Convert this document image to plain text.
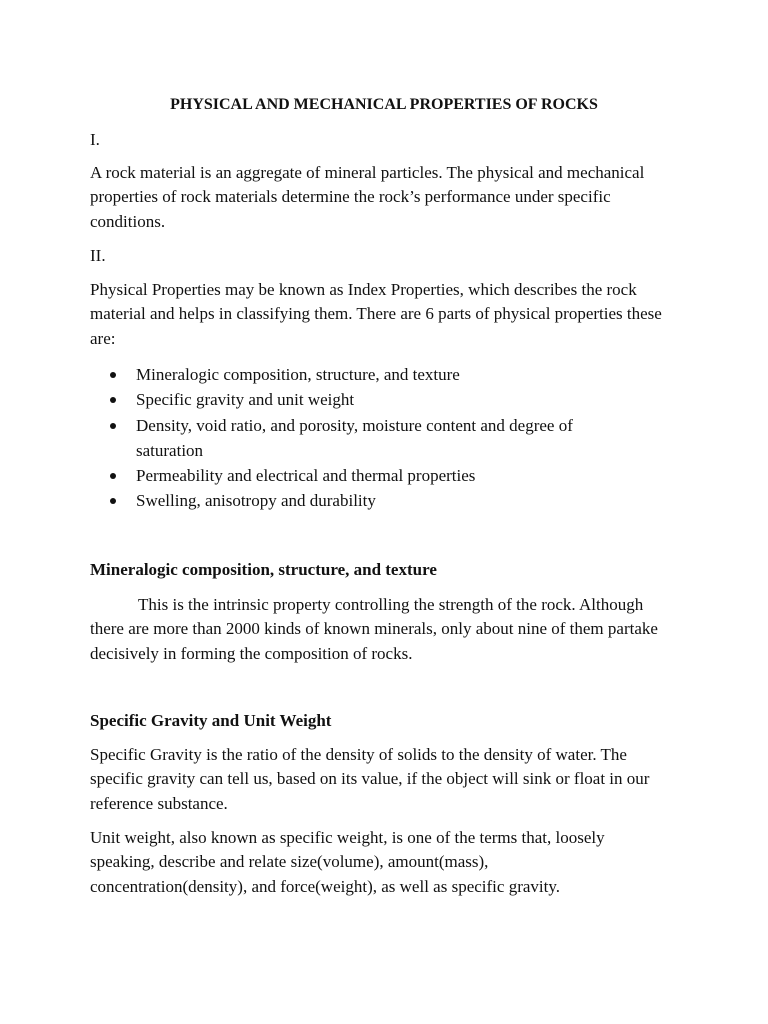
PHYSICAL AND MECHANICAL PROPERTIES OF ROCKS

I.

A rock material is an aggregate of mineral particles. The physical and mechanical properties of rock materials determine the rock’s performance under specific conditions.

II.

Physical Properties may be known as Index Properties, which describes the rock material and helps in classifying them. There are 6 parts of physical properties these are:

Mineralogic composition, structure, and texture
Specific gravity and unit weight
Density, void ratio, and porosity, moisture content and degree of saturation
Permeability and electrical and thermal properties
Swelling, anisotropy and durability

Mineralogic composition, structure, and texture

This is the intrinsic property controlling the strength of the rock. Although there are more than 2000 kinds of known minerals, only about nine of them partake decisively in forming the composition of rocks.

Specific Gravity and Unit Weight

Specific Gravity is the ratio of the density of solids to the density of water. The specific gravity can tell us, based on its value, if the object will sink or float in our reference substance.

Unit weight, also known as specific weight, is one of the terms that, loosely speaking, describe and relate size(volume), amount(mass), concentration(density), and force(weight), as well as specific gravity.
